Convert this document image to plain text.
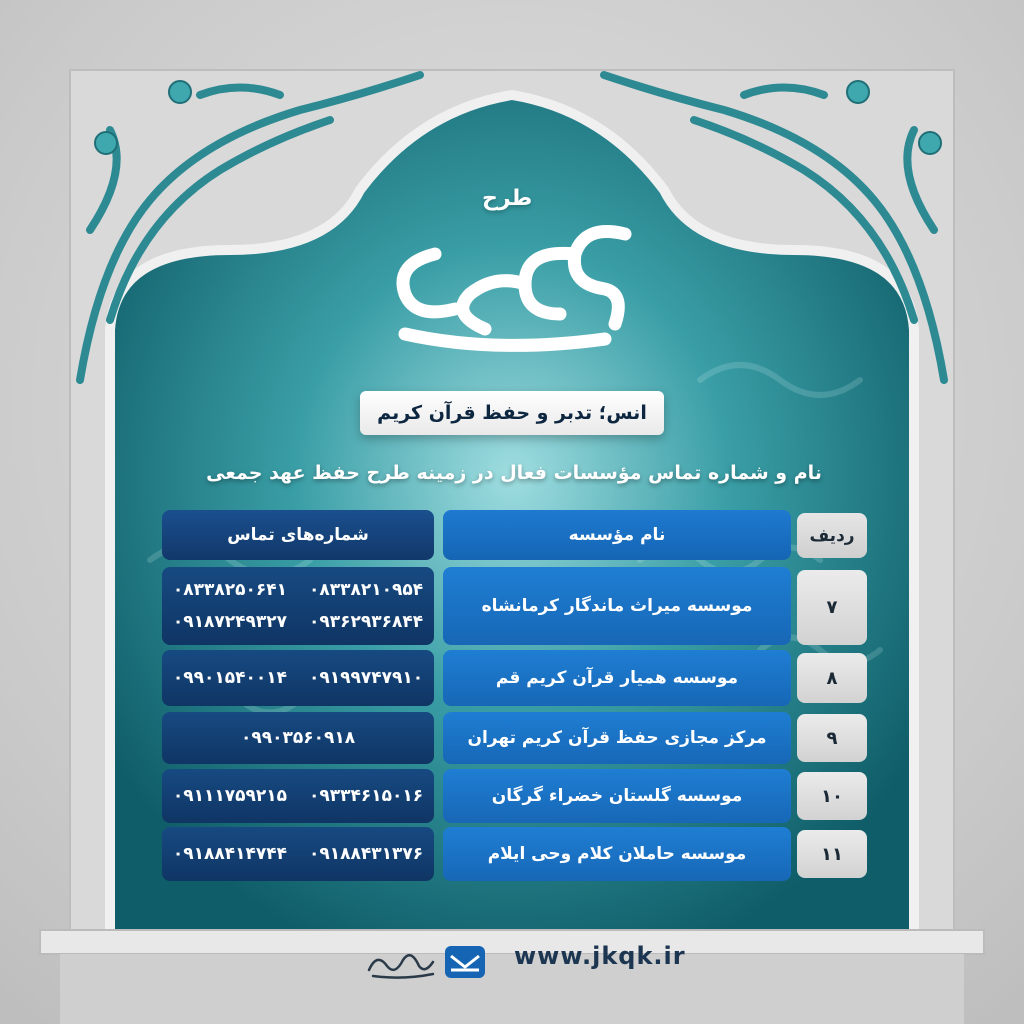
طرح
انس؛ تدبر و حفظ قرآن کریم
نام و شماره تماس مؤسسات فعال در زمینه طرح حفظ عهد جمعی
ردیف
نام مؤسسه
شماره‌های تماس
۷
موسسه میراث ماندگار کرمانشاه
۰۸۳۳۸۲۱۰۹۵۴
۰۸۳۳۸۲۵۰۶۴۱
۰۹۳۶۲۹۳۶۸۴۴
۰۹۱۸۷۲۴۹۳۲۷
۸
موسسه همیار قرآن کریم قم
۰۹۱۹۹۷۴۷۹۱۰
۰۹۹۰۱۵۴۰۰۱۴
۹
مرکز مجازی حفظ قرآن کریم تهران
۰۹۹۰۳۵۶۰۹۱۸
۱۰
موسسه گلستان خضراء گرگان
۰۹۳۳۴۶۱۵۰۱۶
۰۹۱۱۱۷۵۹۲۱۵
۱۱
موسسه حاملان کلام وحی ایلام
۰۹۱۸۸۴۳۱۳۷۶
۰۹۱۸۸۴۱۴۷۴۴
www.jkqk.ir
